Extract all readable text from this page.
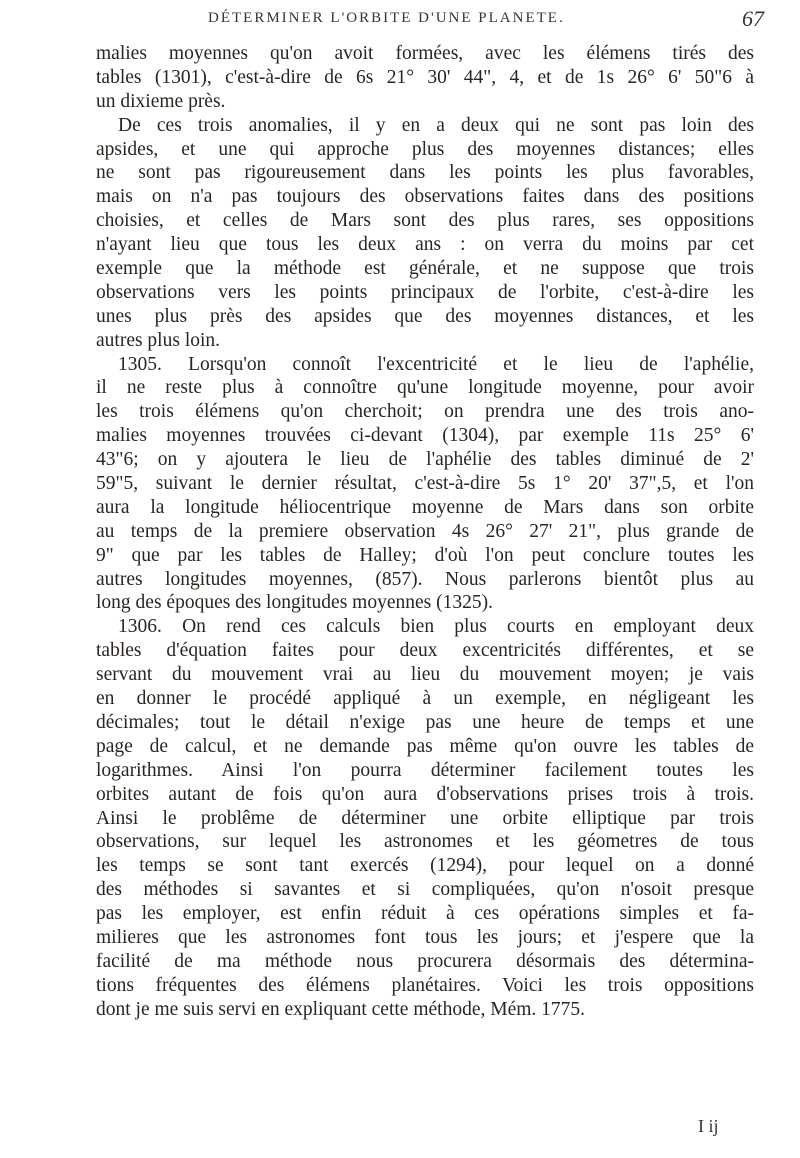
DÉTERMINER L'ORBITE D'UNE PLANETE.	67
malies moyennes qu'on avoit formées, avec les élémens tirés des
tables (1301), c'est-à-dire de 6s 21° 30' 44", 4, et de 1s 26° 6' 50"6 à
un dixieme près.
De ces trois anomalies, il y en a deux qui ne sont pas loin des
apsides, et une qui approche plus des moyennes distances; elles
ne sont pas rigoureusement dans les points les plus favorables,
mais on n'a pas toujours des observations faites dans des positions
choisies, et celles de Mars sont des plus rares, ses oppositions
n'ayant lieu que tous les deux ans : on verra du moins par cet
exemple que la méthode est générale, et ne suppose que trois
observations vers les points principaux de l'orbite, c'est-à-dire les
unes plus près des apsides que des moyennes distances, et les
autres plus loin.
1305. Lorsqu'on connoît l'excentricité et le lieu de l'aphélie,
il ne reste plus à connoître qu'une longitude moyenne, pour avoir
les trois élémens qu'on cherchoit; on prendra une des trois ano-
malies moyennes trouvées ci-devant (1304), par exemple 11s 25° 6'
43"6; on y ajoutera le lieu de l'aphélie des tables diminué de 2'
59"5, suivant le dernier résultat, c'est-à-dire 5s 1° 20' 37",5, et l'on
aura la longitude héliocentrique moyenne de Mars dans son orbite
au temps de la premiere observation 4s 26° 27' 21", plus grande de
9" que par les tables de Halley; d'où l'on peut conclure toutes les
autres longitudes moyennes, (857). Nous parlerons bientôt plus au
long des époques des longitudes moyennes (1325).
1306. On rend ces calculs bien plus courts en employant deux
tables d'équation faites pour deux excentricités différentes, et se
servant du mouvement vrai au lieu du mouvement moyen; je vais
en donner le procédé appliqué à un exemple, en négligeant les
décimales; tout le détail n'exige pas une heure de temps et une
page de calcul, et ne demande pas même qu'on ouvre les tables de
logarithmes. Ainsi l'on pourra déterminer facilement toutes les
orbites autant de fois qu'on aura d'observations prises trois à trois.
Ainsi le problême de déterminer une orbite elliptique par trois
observations, sur lequel les astronomes et les géometres de tous
les temps se sont tant exercés (1294), pour lequel on a donné
des méthodes si savantes et si compliquées, qu'on n'osoit presque
pas les employer, est enfin réduit à ces opérations simples et fa-
milieres que les astronomes font tous les jours; et j'espere que la
facilité de ma méthode nous procurera désormais des détermina-
tions fréquentes des élémens planétaires. Voici les trois oppositions
dont je me suis servi en expliquant cette méthode, Mém. 1775.
I ij
